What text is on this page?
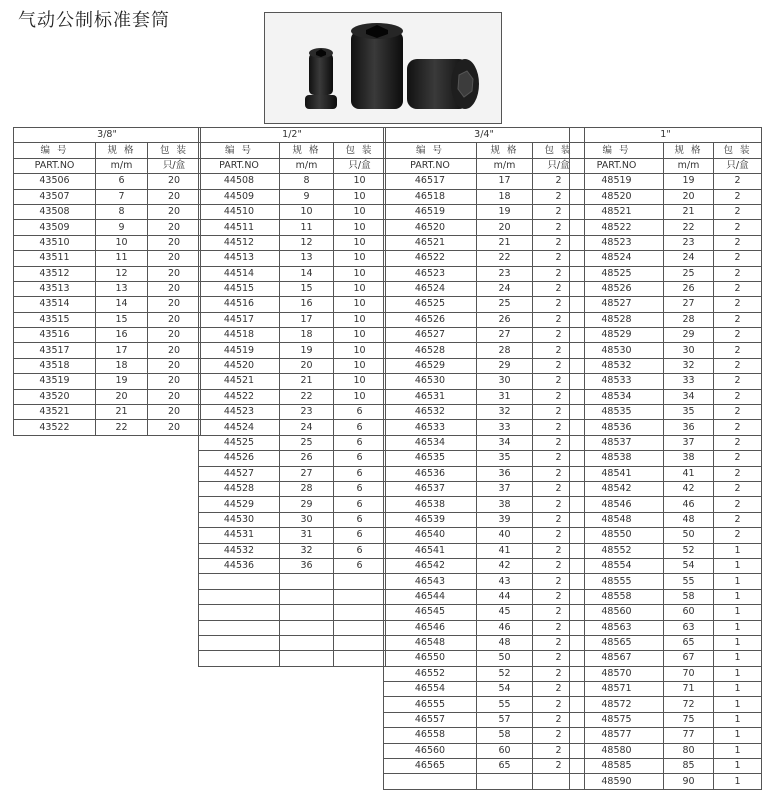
气动公制标准套筒
3/8"		
编 号	规 格	包 装
PART.NO	m/m	只/盒
43506	6	20
43507	7	20
43508	8	20
43509	9	20
43510	10	20
43511	11	20
43512	12	20
43513	13	20
43514	14	20
43515	15	20
43516	16	20
43517	17	20
43518	18	20
43519	19	20
43520	20	20
43521	21	20
43522	22	20
1/2"		
编 号	规 格	包 装
PART.NO	m/m	只/盒
44508	8	10
44509	9	10
44510	10	10
44511	11	10
44512	12	10
44513	13	10
44514	14	10
44515	15	10
44516	16	10
44517	17	10
44518	18	10
44519	19	10
44520	20	10
44521	21	10
44522	22	10
44523	23	6
44524	24	6
44525	25	6
44526	26	6
44527	27	6
44528	28	6
44529	29	6
44530	30	6
44531	31	6
44532	32	6
44536	36	6

3/4"		
编 号	规 格	包 装
PART.NO	m/m	只/盒
46517	17	2
46518	18	2
46519	19	2
46520	20	2
46521	21	2
46522	22	2
46523	23	2
46524	24	2
46525	25	2
46526	26	2
46527	27	2
46528	28	2
46529	29	2
46530	30	2
46531	31	2
46532	32	2
46533	33	2
46534	34	2
46535	35	2
46536	36	2
46537	37	2
46538	38	2
46539	39	2
46540	40	2
46541	41	2
46542	42	2
46543	43	2
46544	44	2
46545	45	2
46546	46	2
46548	48	2
46550	50	2
46552	52	2
46554	54	2
46555	55	2
46557	57	2
46558	58	2
46560	60	2
46565	65	2

1"		
编 号	规 格	包 装
PART.NO	m/m	只/盒
48519	19	2
48520	20	2
48521	21	2
48522	22	2
48523	23	2
48524	24	2
48525	25	2
48526	26	2
48527	27	2
48528	28	2
48529	29	2
48530	30	2
48532	32	2
48533	33	2
48534	34	2
48535	35	2
48536	36	2
48537	37	2
48538	38	2
48541	41	2
48542	42	2
48546	46	2
48548	48	2
48550	50	2
48552	52	1
48554	54	1
48555	55	1
48558	58	1
48560	60	1
48563	63	1
48565	65	1
48567	67	1
48570	70	1
48571	71	1
48572	72	1
48575	75	1
48577	77	1
48580	80	1
48585	85	1
48590	90	1
